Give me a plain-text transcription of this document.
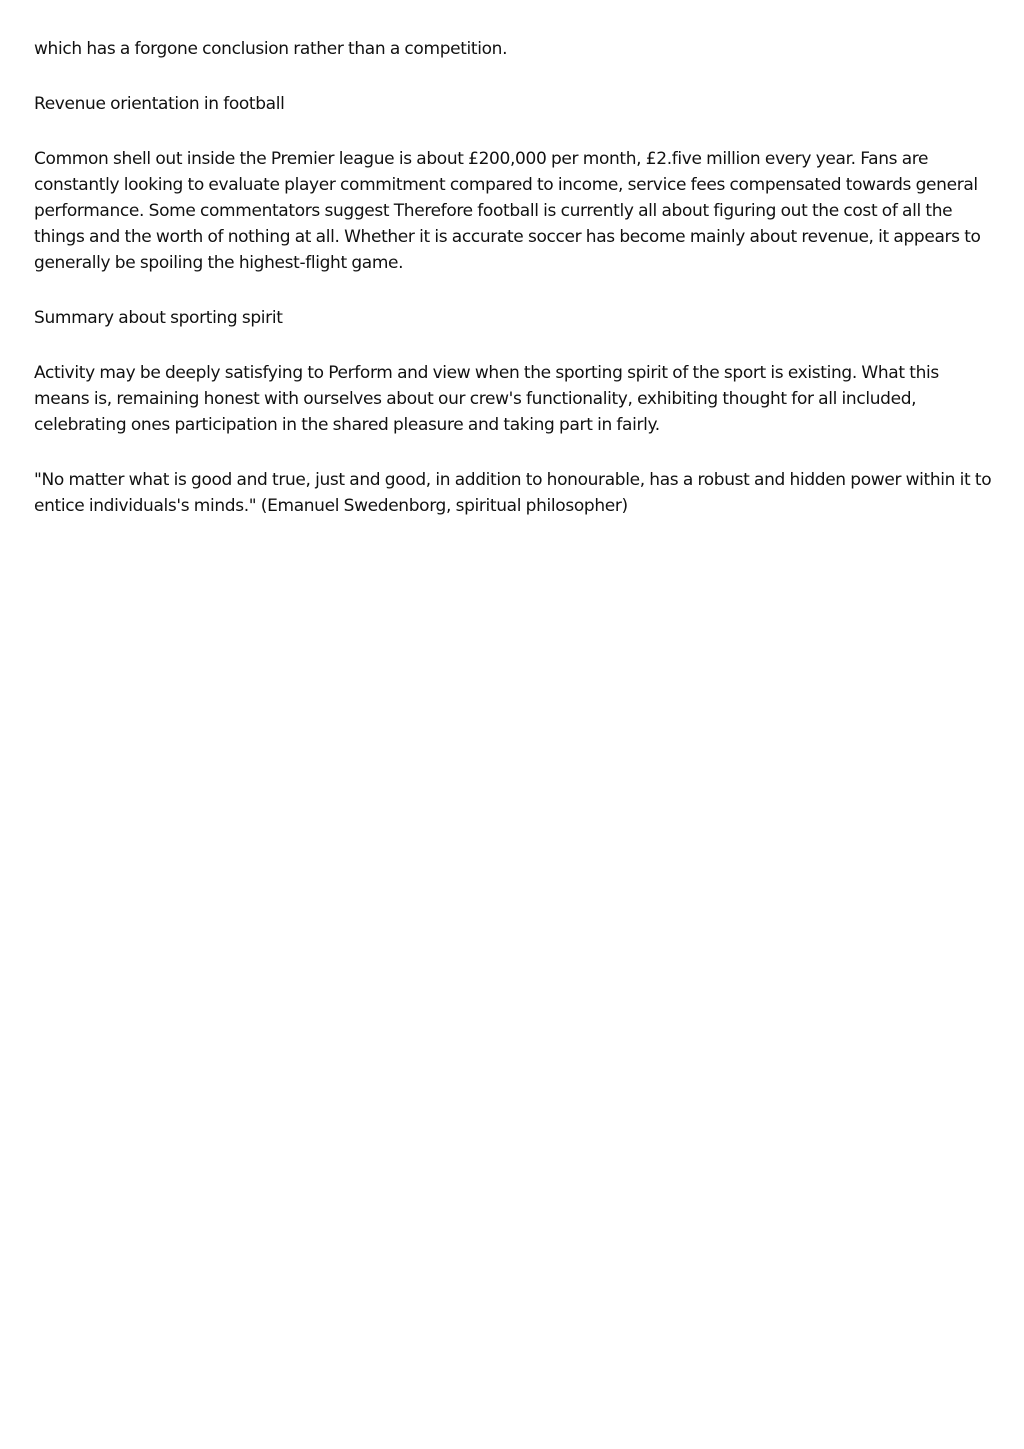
which has a forgone conclusion rather than a competition.

Revenue orientation in football

Common shell out inside the Premier league is about £200,000 per month, £2.five million every year. Fans are constantly looking to evaluate player commitment compared to income, service fees compensated towards general performance. Some commentators suggest Therefore football is currently all about figuring out the cost of all the things and the worth of nothing at all. Whether it is accurate soccer has become mainly about revenue, it appears to generally be spoiling the highest-flight game.

Summary about sporting spirit

Activity may be deeply satisfying to Perform and view when the sporting spirit of the sport is existing. What this means is, remaining honest with ourselves about our crew's functionality, exhibiting thought for all included, celebrating ones participation in the shared pleasure and taking part in fairly.

"No matter what is good and true, just and good, in addition to honourable, has a robust and hidden power within it to entice individuals's minds." (Emanuel Swedenborg, spiritual philosopher)
